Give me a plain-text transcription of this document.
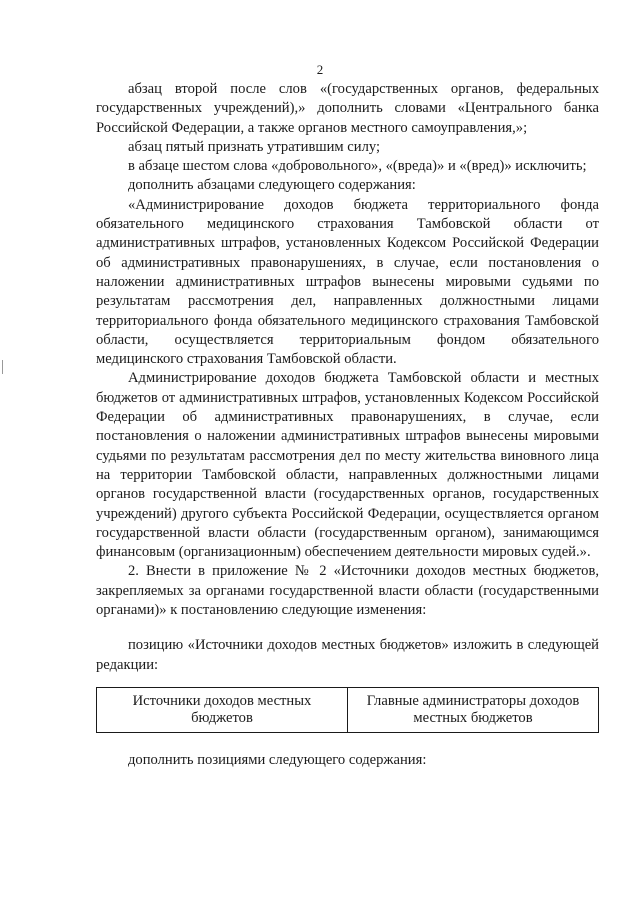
2

абзац второй после слов «(государственных органов, федеральных государственных учреждений),» дополнить словами «Центрального банка Российской Федерации, а также органов местного самоуправления,»;

абзац пятый признать утратившим силу;

в абзаце шестом слова «добровольного», «(вреда)» и «(вред)» исключить;

дополнить абзацами следующего содержания:

«Администрирование доходов бюджета территориального фонда обязательного медицинского страхования Тамбовской области от административных штрафов, установленных Кодексом Российской Федерации об административных правонарушениях, в случае, если постановления о наложении административных штрафов вынесены мировыми судьями по результатам рассмотрения дел, направленных должностными лицами территориального фонда обязательного медицинского страхования Тамбовской области, осуществляется территориальным фондом обязательного медицинского страхования Тамбовской области.

Администрирование доходов бюджета Тамбовской области и местных бюджетов от административных штрафов, установленных Кодексом Российской Федерации об административных правонарушениях, в случае, если постановления о наложении административных штрафов вынесены мировыми судьями по результатам рассмотрения дел по месту жительства виновного лица на территории Тамбовской области, направленных должностными лицами органов государственной власти (государственных органов, государственных учреждений) другого субъекта Российской Федерации, осуществляется органом государственной власти области (государственным органом), занимающимся финансовым (организационным) обеспечением деятельности мировых судей.».

2. Внести в приложение № 2 «Источники доходов местных бюджетов, закрепляемых за органами государственной власти области (государственными органами)» к постановлению следующие изменения:

позицию «Источники доходов местных бюджетов» изложить в следующей редакции:

Источники доходов местных бюджетов	Главные администраторы доходов местных бюджетов

дополнить позициями следующего содержания:
